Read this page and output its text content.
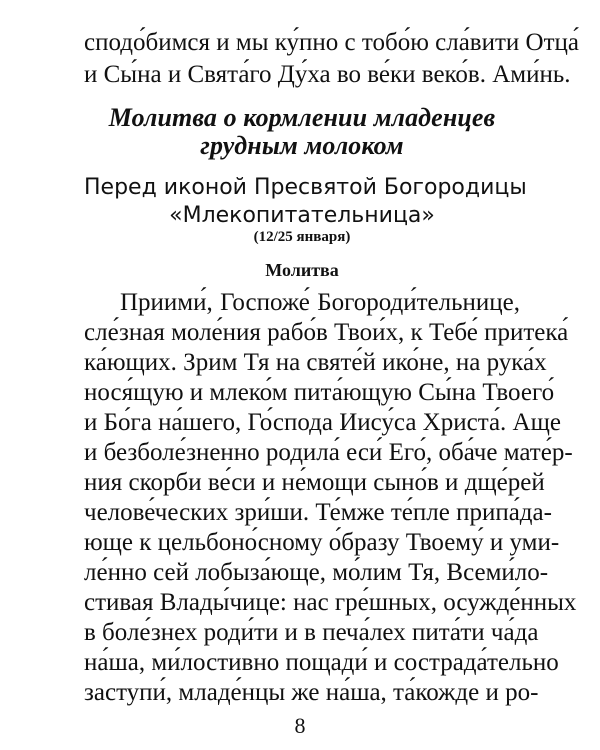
сподо́бимся и мы ку́пно с тобо́ю сла́вити Отца́
и Сы́на и Свята́го Ду́ха во ве́ки веко́в. Ами́нь.
Молитва о кормлении младенцев
грудным молоком
Перед иконой Пресвятой Богородицы
«Млекопитательница»
(12/25 января)
Молитва
Приими́, Госпоже́ Богороди́тельнице,
сле́зная моле́ния рабо́в Твои́х, к Тебе́ притека́
ка́ющих. Зрим Тя на святе́й ико́не, на рука́х
нося́щую и млеко́м пита́ющую Сы́на Твоего́
и Бо́га на́шего, Го́спода Иису́са Христа́. Аще
и безболе́зненно родила́ еси́ Его́, оба́че мате́р-
ния скорби ве́си и не́мощи сыно́в и дще́рей
челове́ческих зри́ши. Те́мже те́пле припа́да-
юще к цельбоно́сному о́бразу Твоему́ и уми-
ле́нно сей лобыза́юще, мо́лим Тя, Всеми́ло-
стивая Влады́чице: нас гре́шных, осужде́нных
в боле́знех роди́ти и в печа́лех пита́ти ча́да
на́ша, ми́лостивно пощади́ и сострада́тельно
заступи́, младе́нцы же на́ша, та́кожде и ро-
8
